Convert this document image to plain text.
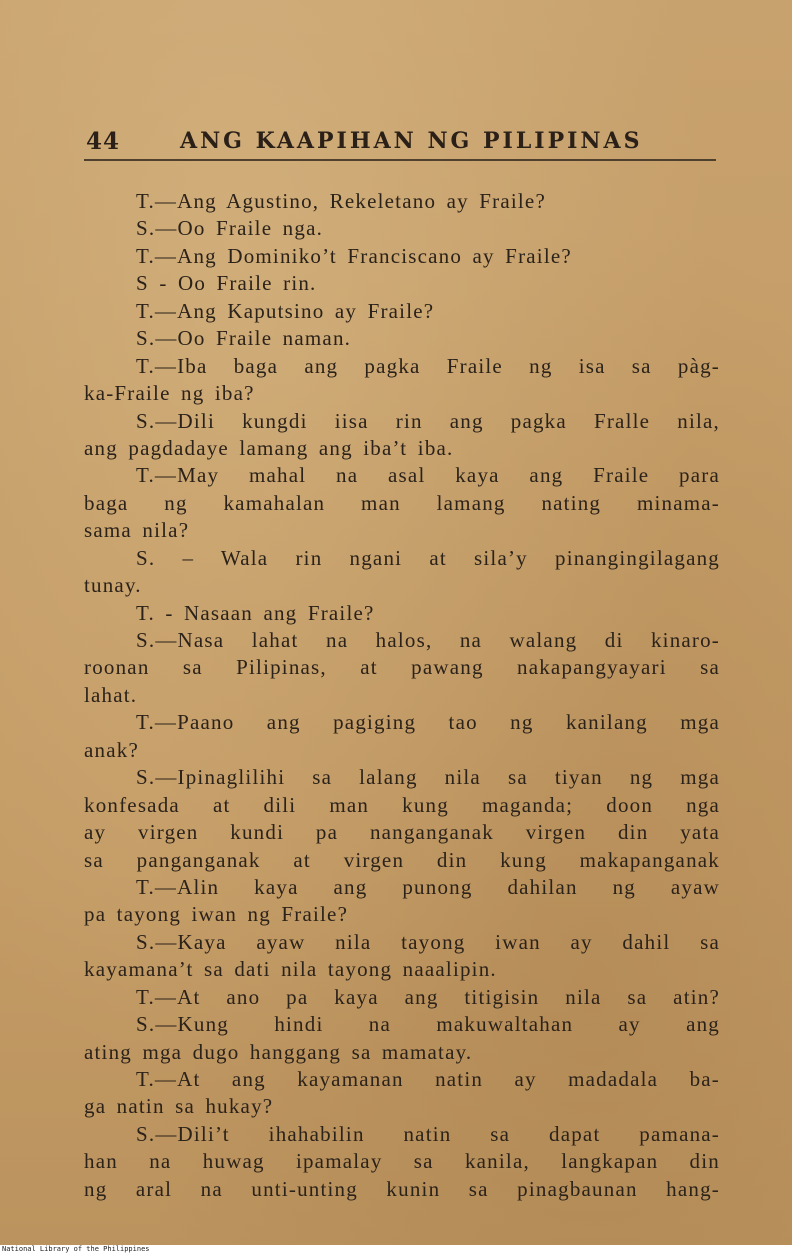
44	ANG KAAPIHAN NG PILIPINAS
T.—Ang Agustino, Rekeletano ay Fraile?
S.—Oo Fraile nga.
T.—Ang Dominiko’t Franciscano ay Fraile?
S - Oo Fraile rin.
T.—Ang Kaputsino ay Fraile?
S.—Oo Fraile naman.
T.—Iba baga ang pagka Fraile ng isa sa pàg-
ka-Fraile ng iba?
S.—Dili kungdi iisa rin ang pagka Fralle nila,
ang pagdadaye lamang ang iba’t iba.
T.—May mahal na asal kaya ang Fraile para
baga ng kamahalan man lamang nating minama-
sama nila?
S. – Wala rin ngani at sila’y pinangingilagang
tunay.
T. - Nasaan ang Fraile?
S.—Nasa lahat na halos, na walang di kinaro-
roonan sa Pilipinas, at pawang nakapangyayari sa
lahat.
T.—Paano ang pagiging tao ng kanilang mga
anak?
S.—Ipinaglilihi sa lalang nila sa tiyan ng mga
konfesada at dili man kung maganda; doon nga
ay virgen kundi pa nanganganak virgen din yata
sa panganganak at virgen din kung makapanganak
T.—Alin kaya ang punong dahilan ng ayaw
pa tayong iwan ng Fraile?
S.—Kaya ayaw nila tayong iwan ay dahil sa
kayamana’t sa dati nila tayong naaalipin.
T.—At ano pa kaya ang titigisin nila sa atin?
S.—Kung hindi na makuwaltahan ay ang
ating mga dugo hanggang sa mamatay.
T.—At ang kayamanan natin ay madadala ba-
ga natin sa hukay?
S.—Dili’t ihahabilin natin sa dapat pamana-
han na huwag ipamalay sa kanila, langkapan din
ng aral na unti-unting kunin sa pinagbaunan hang-
National Library of the Philippines
